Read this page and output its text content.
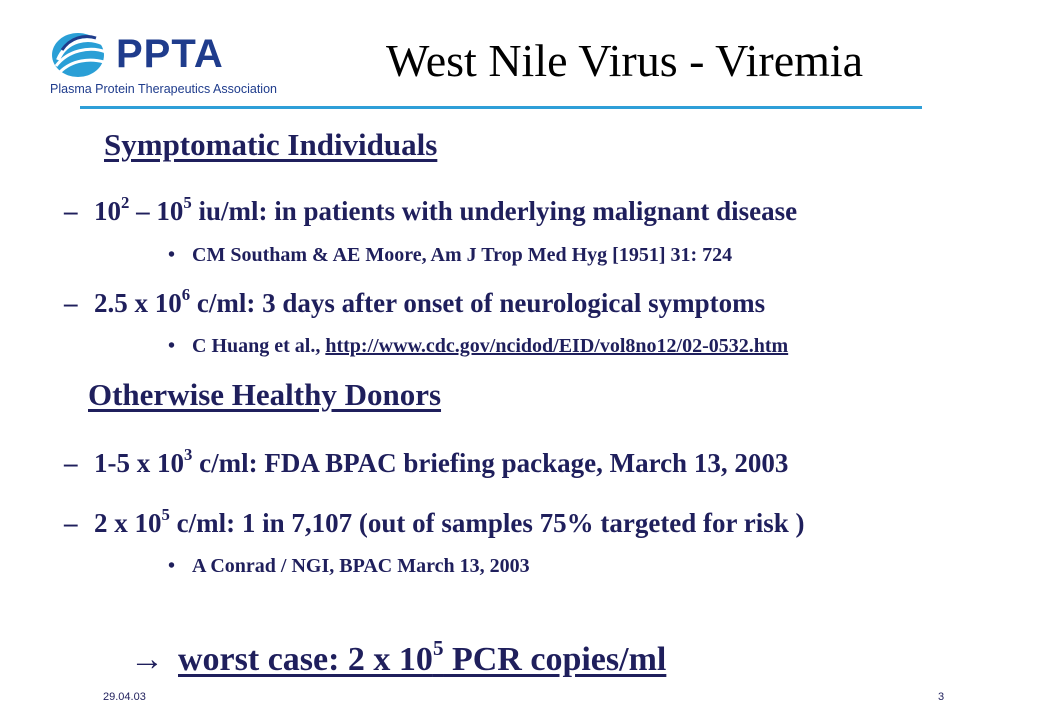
PPTA
Plasma Protein Therapeutics Association
West Nile Virus - Viremia
Symptomatic Individuals
– $10^2 - 10^5$ iu/ml: in patients with underlying malignant disease
• CM Southam & AE Moore, Am J Trop Med Hyg [1951] 31: 724
– 2.5 x $10^6$ c/ml: 3 days after onset of neurological symptoms
• C Huang et al., http://www.cdc.gov/ncidod/EID/vol8no12/02-0532.htm
Otherwise Healthy Donors
– 1-5 x $10^3$ c/ml: FDA BPAC briefing package, March 13, 2003
– 2 x $10^5$ c/ml: 1 in 7,107 (out of samples 75% targeted for risk )
• A Conrad / NGI, BPAC March 13, 2003
→ worst case: 2 x $10^5$ PCR copies/ml
29.04.03	3
